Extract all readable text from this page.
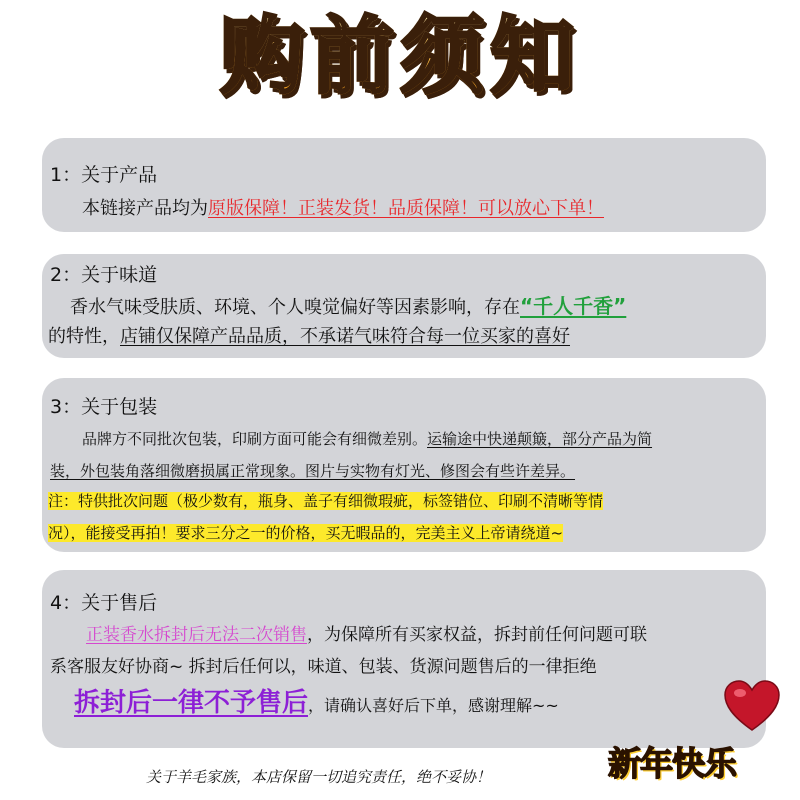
购前须知
1：关于产品
本链接产品均为原版保障！正装发货！品质保障！可以放心下单！
2：关于味道
香水气味受肤质、环境、个人嗅觉偏好等因素影响，存在“千人千香”
的特性，店铺仅保障产品品质，不承诺气味符合每一位买家的喜好
3：关于包装
品牌方不同批次包装，印刷方面可能会有细微差别。运输途中快递颠簸，部分产品为简
装，外包装角落细微磨损属正常现象。图片与实物有灯光、修图会有些许差异。
注：特供批次问题（极少数有，瓶身、盖子有细微瑕疵，标签错位、印刷不清晰等情
况），能接受再拍！要求三分之一的价格，买无暇品的，完美主义上帝请绕道~
4：关于售后
正装香水拆封后无法二次销售，为保障所有买家权益，拆封前任何问题可联
系客服友好协商~ 拆封后任何以，味道、包装、货源问题售后的一律拒绝
拆封后一律不予售后，请确认喜好后下单，感谢理解~~
关于羊毛家族，本店保留一切追究责任，绝不妥协！	新年快乐
